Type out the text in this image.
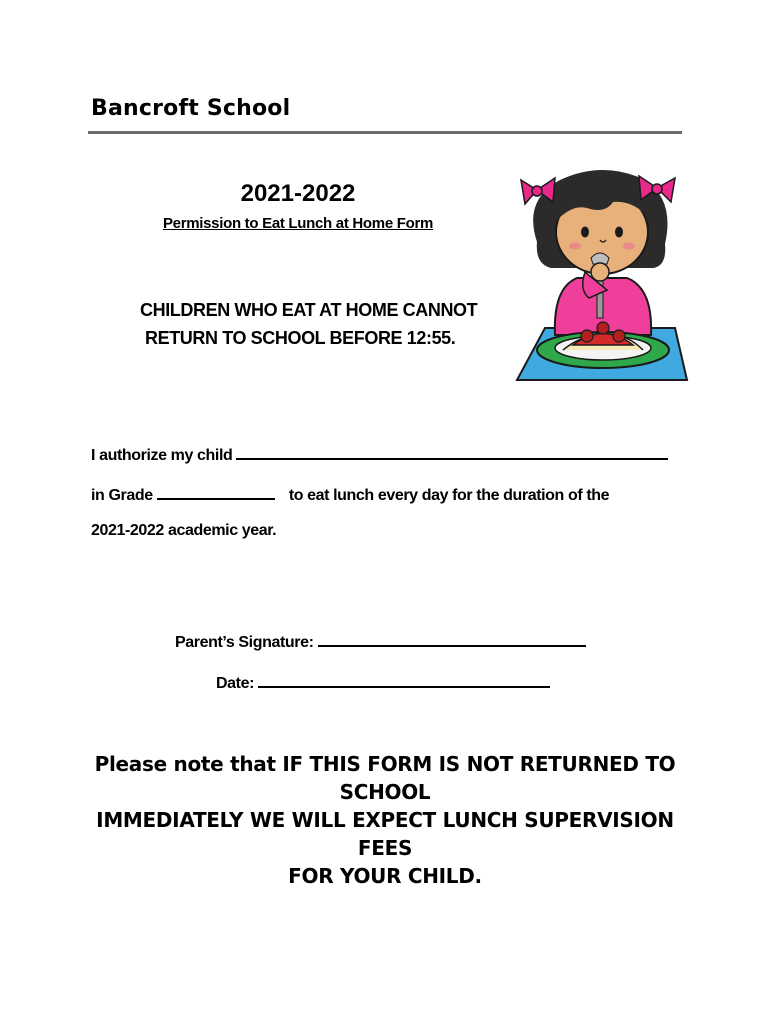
Bancroft School
2021-2022
Permission to Eat Lunch at Home Form
CHILDREN WHO EAT AT HOME CANNOT
RETURN TO SCHOOL BEFORE 12:55.
I authorize my child
in Grade	to eat lunch every day for the duration of the
2021-2022 academic year.
Parent’s Signature:
Date:
Please note that IF THIS FORM IS NOT RETURNED TO SCHOOL
IMMEDIATELY WE WILL EXPECT LUNCH SUPERVISION FEES
FOR YOUR CHILD.
